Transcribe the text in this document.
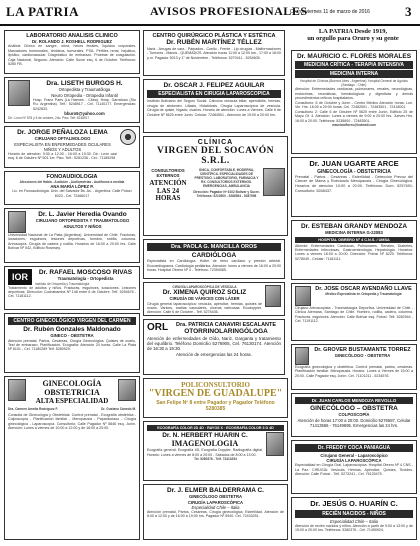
LA PATRIA	AVISOS PROFESIONALES
Oruro, viernes 11 de marzo de 2016	3
LA PATRIA Desde 1919,
un orgullo para Oruro y su gente
LABORATORIO ANALISIS CLINICO
Dr. ROLANDO J. ROSHELL RODRIGUEZ
Análisis Clínico en sangre, orina, heces fecales, líquidos corporales. Marcadores hormonales, tiroideos, tumorales, PSA. Perfiles renal, hepático, lipídico, cardiovascular. Diagnóstico de embarazo. Pruebas de coagulación. Caja Nacional, Seguros. Atención: Calle Sucre esq. 6 de Octubre. Teléfonos: 5280 FB.
Dra. LISETH BURGOS H.
Ortopedista y Traumatóloga
Neuro Ortopedia - Ortopedia Infantil
Hosp. Franz Paes (La Haenes - Cbba). Hosp. Garrafuan (Stu Ru. Argentina). Telf.: 5248917 - Cel. 71140177. Emergencias: 5242833.
bburo5@yahoo.com
Dir.: Leon Nº 878 y 6 de octubre, 2do. Piso. Telf: 5248917
Dr. JORGE PEÑALOZA LEMA
CIRUJANO OFTALMOLOGO
ESPECIALISTA EN ENFERMEDADES OCULARES NIÑOS Y ADULTOS
Horario de atención: 9:30 a 12:30 - 16:00 a 19:30. Dir.: León casi esq. 6 de Octubre Nº 501 1er. Piso. Telf.: 5281236 - Cel.: 71185298
FONOAUDIOLOGIA
Afecciones del Habla - Audición - Audiometrías - Audífonos a medida
ANA MARÍA LÓPEZ P.
Lic. en Fonoaudiología. Univ. del Salvador Bs. As. - Argentina. Calle Potosí 6023 - Cel. 72466017
Dr. L. Javier Heredia Ovando
CIRUJANO ORTOPEDISTA Y TRAUMATOLOGO ADULTOS Y NIÑOS
Universidad Nacional de La Plata (Argentina). Universidad de Chile. Fracturas, luxaciones, esguinces, lesiones deportivas, hombro, rodilla, columna. Artroscopía. Cirugía de cadera y rodilla. Horarios de 16:00 a 20:00 hrs. Calle Bolívar Nº 542, Edificio Rosmary.
IOR	Dr. RAFAEL MOSCOSO RIVAS
Traumatología - Ortopedista
Instituto de Ortopedia y Traumatología
Tratamiento de adultos y niños. Fracturas, esguinces, luxaciones. Lesiones deportivas. Dirección: Cochabamba Nº 148 entre 6 de Octubre. Telf. 5254676 - Cel. 71181112.
CENTRO GINECOLÓGICO VIRGEN DEL CARMEN
Dr. Rubén Gonzales Maldonado
GINECO - OBSTETRA
Atención prenatal, Partos, Cesáreas, Cirugía Ginecológica. Quistes de ovario, Test de embarazo, Planificación. Ecografía: Atención 24 horas. Calle La Plata Nº 6101 - Cel. 71180289 Telf. 5280929.
GINECOLOGÍA
OBSTETRICIA
ALTA ESPECIALIDAD
Dra. Carmen Amelia Rodríguez F.	Dr. Gustavo Canedo M.
Consulta de Ginecología y Obstetricia: Control prenatal - Ecografía obstétrica - Colposcopía - Planificación familiar - Menopausia - Papanicolaou - Cirugía ginecológica - Laparoscopía. Consultorio: Calle Pagador Nº 5846 esq. Junín. Atención: Lunes a viernes de 10:00 a 12:00 y de 16:00 a 20:00.
CENTRO QUIRÚRGICO PLÁSTICA Y ESTÉTICA
Dr. RUBÉN MARTÍNEZ TÉLLEZ
Nariz - Arrugas de cara - Párpados - Cuello - Frente - Lip cirugías - Malformaciones - Tumores - Manos - QUEMADOS. Atención horas 11:00 a 12:00 hrs., 17:00 a 18:00 p.m. Pagador 5013 y 1° de Noviembre - Teléfonos: 5270411 - 5254605.
Dr. OSCAR J. FELIPEZ AGUILAR
ESPECIALISTA EN CIRUGIA LAPAROSCOPICA
Instituto Boliviano del Seguro Social. Cálculos vesícula biliar, apendicitis, hernias, cirugía de abdomen. Litiasis, Hidatidosis. Cirugía Laparoscópica de vesícula. Cirugía de quiste, hígado, ovarios. Horario de atención: Lunes a Viernes. Calle 6 de Octubre Nº 5625 entre Junín. Celular: 72484501 - Atención de 19:00 a 20:00 hrs.
CLÍNICA
VIRGEN DEL SOCAVÓN S.R.L.
CONSULTORIOS EXTERNOS
ATENCIÓN LAS 24 HORAS
ÚNICA, CONFORTABLE, MODERNA, CIENTÍFICA. ESPECIALIDADES DE PRESTIGIO. LABORATORIO, FARMACIA Y RX. CONSULTORIOS EXTERNOS. EMERGENCIAS, AMBULANCIA
Dirección: Pagador Nº 6102 Bolívar y Sucre. Teléfonos: 5210500 - 5286554 - 5287998
Dra. PAOLA G. MANCILLA OROS
CARDIÓLOGA
Especialista en Cardiología. Holter de ritmo cardíaco y presión arterial. Ecocardiograma. Cardiología pediátrica. Atención: lunes a viernes de 16:00 a 20:00 horas. Hospital Obrero Nº 4 - Teléfono: 72394085.
CIRUGÍA LAPAROSCÓPICA DE VESÍCULA
Dr. XIMENA QUIROZ SOLIZ
CIRUGÍA DE VÁRICES CON LÁSER
Cirugía general laparoscópica: vesícula, apéndice, hernias, quistes de ovario. Varices, arañas vasculares, úlceras varicosas. Ecodoppler. Atención: Calle 6 de Octubre - Telf. 5275436.
ORL	Dra. PATRICIA CANAVIRI ESCALANTE
OTORRINOLARINGÓLOGA
Atención de enfermedades de Oído, Nariz, Garganta y tratamiento del equilibrio. Teléfono Domicilio 5276905, Cel. 76130174. Atención de 16:30 a 19:30.
Atención de emergencias las 24 horas.
POLICONSULTORIO
"VIRGEN DE GUADALUPE"
San Felipe Nº 8 entre Pagador y Pagador Teléfono 5280385
ECOGRAFÍA COLOR 2D 4D · RAYOS X · ECOGRAFÍA COLOR 3 D 4D
Dr. N. HERBERT HUARIN C.
IMAGENOLOGIA
Ecografía general, Ecografía 4D, Ecografía Doppler, Radiografía digital. Horario: Lunes a viernes de 8:00 a 20:00 - Sábados de 8:00 a 13:00.
Tel. 5280376 - Telf. 72413254
Dr. J. ELMER BALDERRAMA C.
GINECÓLOGO OBSTETRA
CIRUGÍA LAPAROSCÓPICA
Especialidad Chile – Italia
Atención prenatal, Partos, Cesáreas, Cirugía ginecológica, Esterilidad. Atención de 8:00 a 12:00 y de 16:00 a 19:00 hrs. Pagador Nº 5940. Cel. 72433251.
Dr. MAURICIO C. FLORES MORALES
MEDICINA CRÍTICA - TERAPIA INTENSIVA
MEDICINA INTERNA
Hospital de Clínicas (Buenos Aires - Argentina). Hospital General de Agudos (Santiago - Chile).
Atención: Enfermedades cardíacas, pulmonares, renales, neurológicas, endócrinas, reumáticas, hematológicas y digestivas y demás procedimientos críticos hospitalarios.
Consultorio: 6 de Octubre y Junín - Centro Médico Atención horas: Lun. Vie. Hrs. 16:00 a 20:00 horas. Cel. 72482501 - 72483501 - 72418001.
Consultorio 2: Calle 6 de Octubre Nº 5625 entre Junín, Edificio 25 de Mayo Of. 4. Atención: Lunes a viernes de 9:00 a 20:00 hrs. Jueves Hrs. 16:00 a 20:00. Teléfonos: 5236600 - 72483501.
mauricioflores@hotmail.com
Dr. JUAN UGARTE ARCE
GINECOLOGÍA - OBSTETRICIA
Prenatal - Partos - Cesáreas - Esterilidad - Detección Precoz del Cáncer de Mama y Ruéclcado Menopausia - Cirugía Ginecológica. Horarios de atención 10:00 a 20:00. Teléfonos: Dom. 5257691; Consultorio: 5268437.
Dr. ESTEBAN GRANDY MENDOZA
MEDICINA INTERNA G-22083
HOSPITAL OBRERO Nº 4 C.N.S. / UMSA
Atiende: Enfermedades Cardíacas, Pulmonares, Renales, Diabetes, Enfermedades Infecciosas, Gastroenterología, Hepatología. Horarios: Lunes a viernes 16:00 a 20:00. Dirección: Potosí Nº 6220. Teléfonos: 5278045 - Celular: 71181111.
Dr. JOSE OSCAR AVENDAÑO LLAVE
Médico Especialista en Ortopedia y Traumatología
Cirujano Artroscopista - Traumatología Deportiva. Universidad de Chile - Clínica Alemana, Santiago de Chile. Hombro, rodilla, cadera, columna. Fracturas, esguinces. Atención: Calle Bolívar esq. Potosí. Telf. 5282944 - Cel. 71191112.
Dr. GROVER BUSTAMANTE TORREZ
GINECÓLOGO - OBSTETRA
Ecografía ginecológica y obstétrica. Control prenatal, partos, cesáreas. Planificación familiar. Menopausia. Horario: Lunes a Viernes de 15:00 a 20:00. Calle Pagador esq. Junín. Cel. 71101211 - 5234576.
Dr. JUAN CARLOS MENDOZA REVOLLO
GINECÓLOGO – OBSTETRA
COLPOSCOPÍA
Atención de horas 17:00 a 20:00. Domicilio 5276587, Celular 71413566 - 76149695. Emergencias las 24 hrs.
Dr. FREDDY COCA PANIAGUA
Cirujano General - Laparoscópico
CIRUGÍA LAPAROSCÓPICA
Especialidad en Cirugía Gral. Laparoscópica. Hospital Obrero Nº 4 CNS - La Paz. CIRUGÍA: Vesícula, Hernias, Apéndice, Quistes, Tiroides. Atención: Calle Potosí - Telf. 5273241 - Cel. 76125475.
Dr. JESÚS O. HUARÍN C.
RECIÉN NACIDOS - NIÑOS
Especialidad Chile – Italia
Atención de recién nacidos y niños. Atención a partir de 9:00 a 13:00 y de 15:00 a 20:00 hrs. Teléfonos: 5280376 - Cel. 71450924.
